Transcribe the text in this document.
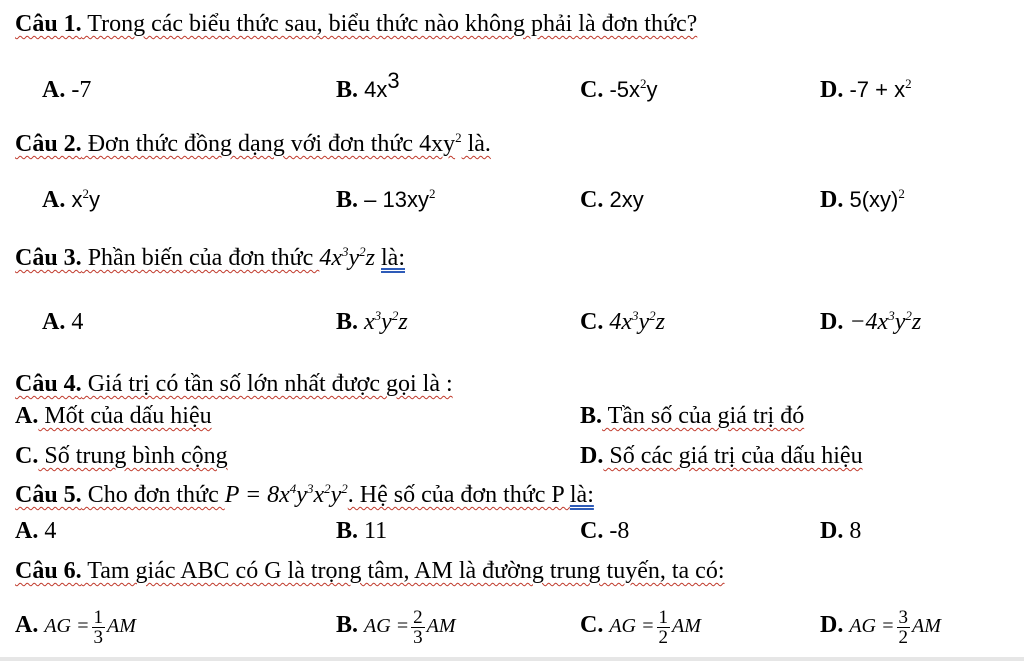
Câu 1. Trong các biểu thức sau, biểu thức nào không phải là đơn thức?
A. -7	B. $4x^3$	C. $-5x^2y$	D. $-7 + x^2$
Câu 2. Đơn thức đồng dạng với đơn thức $4xy^2$ là.
A. $x^2y$	B. – $13xy^2$	C. 2xy	D. 5(xy)$^2$
Câu 3. Phần biến của đơn thức $4x^3y^2z$ là:
A. 4	B. $x^3y^2z$	C. $4x^3y^2z$	D. $-4x^3y^2z$
Câu 4. Giá trị có tần số lớn nhất được gọi là :
A. Mốt của dấu hiệu	B. Tần số của giá trị đó
C. Số trung bình cộng	D. Số các giá trị của dấu hiệu
Câu 5. Cho đơn thức $P = 8x^4y^3x^2y^2$. Hệ số của đơn thức P là:
A. 4	B. 11	C. -8	D. 8
Câu 6. Tam giác ABC có G là trọng tâm, AM là đường trung tuyến, ta có:
A. AG = $\frac{1}{3}$ AM	B. AG = $\frac{2}{3}$ AM	C. AG = $\frac{1}{2}$ AM	D. AG = $\frac{3}{2}$ AM
